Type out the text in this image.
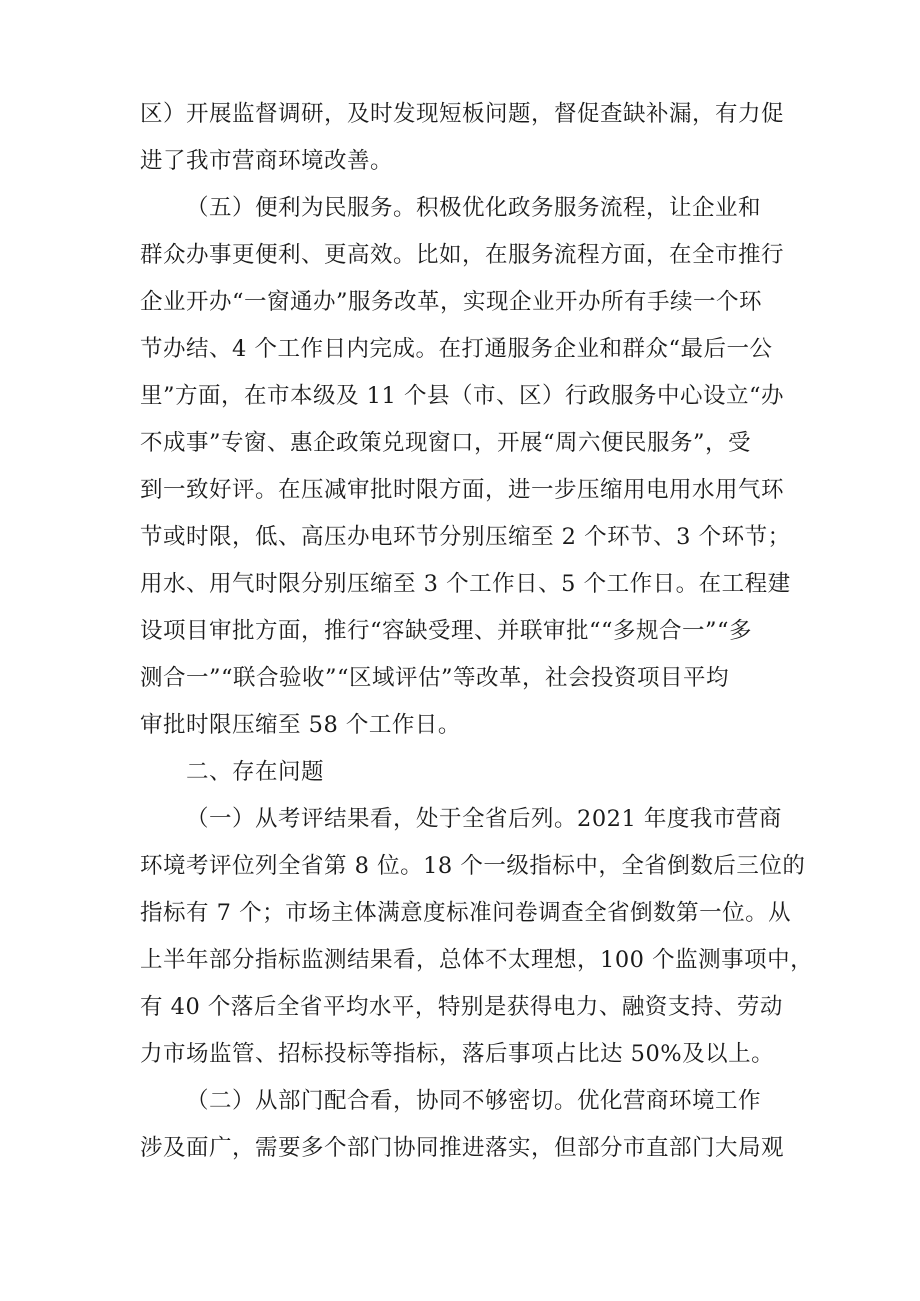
区）开展监督调研，及时发现短板问题，督促查缺补漏，有力促
进了我市营商环境改善。
（五）便利为民服务。积极优化政务服务流程，让企业和
群众办事更便利、更高效。比如，在服务流程方面，在全市推行
企业开办“一窗通办”服务改革，实现企业开办所有手续一个环
节办结、4 个工作日内完成。在打通服务企业和群众“最后一公
里”方面，在市本级及 11 个县（市、区）行政服务中心设立“办
不成事”专窗、惠企政策兑现窗口，开展“周六便民服务”，受
到一致好评。在压减审批时限方面，进一步压缩用电用水用气环
节或时限，低、高压办电环节分别压缩至 2 个环节、3 个环节；
用水、用气时限分别压缩至 3 个工作日、5 个工作日。在工程建
设项目审批方面，推行“容缺受理、并联审批““多规合一”“多
测合一”“联合验收”“区域评估”等改革，社会投资项目平均
审批时限压缩至 58 个工作日。
二、存在问题
（一）从考评结果看，处于全省后列。2021 年度我市营商
环境考评位列全省第 8 位。18 个一级指标中，全省倒数后三位的
指标有 7 个；市场主体满意度标准问卷调查全省倒数第一位。从
上半年部分指标监测结果看，总体不太理想，100 个监测事项中，
有 40 个落后全省平均水平，特别是获得电力、融资支持、劳动
力市场监管、招标投标等指标，落后事项占比达 50%及以上。
（二）从部门配合看，协同不够密切。优化营商环境工作
涉及面广，需要多个部门协同推进落实，但部分市直部门大局观
